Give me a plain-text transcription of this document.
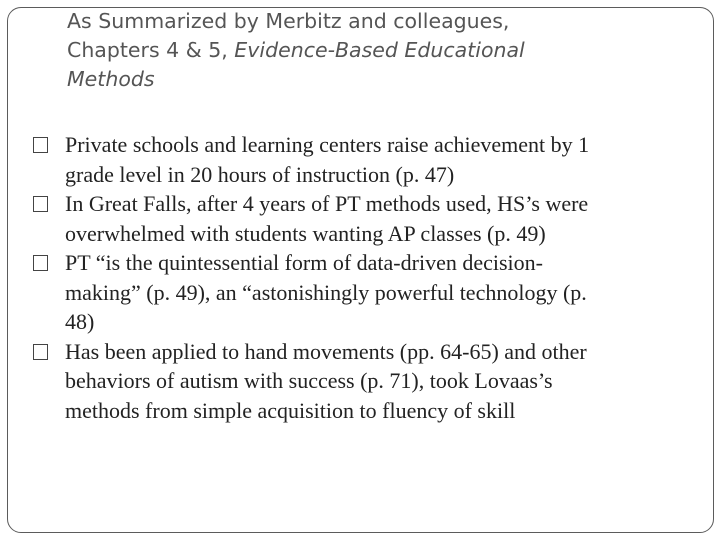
As Summarized by Merbitz and colleagues,
Chapters 4 & 5, Evidence-Based Educational
Methods
Private schools and learning centers raise achievement by 1
grade level in 20 hours of instruction (p. 47)
In Great Falls, after 4 years of PT methods used, HS’s were
overwhelmed with students wanting AP classes (p. 49)
PT “is the quintessential form of data-driven decision-
making” (p. 49), an “astonishingly powerful technology (p.
48)
Has been applied to hand movements (pp. 64-65) and other
behaviors of autism with success (p. 71), took Lovaas’s
methods from simple acquisition to fluency of skill
